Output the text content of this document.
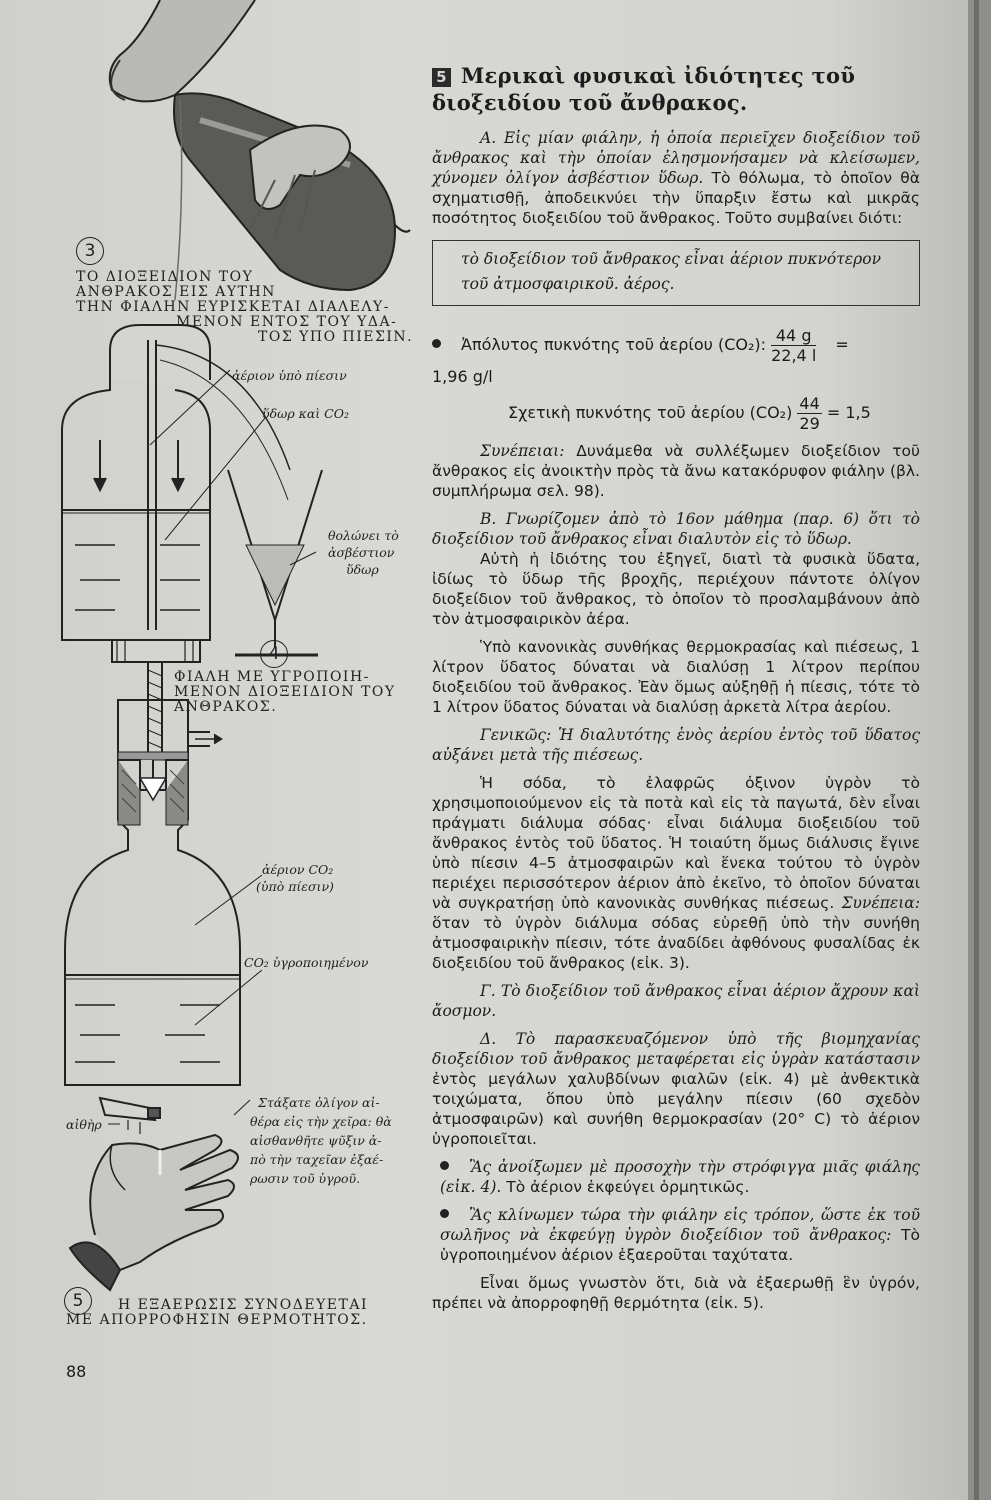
3
ΤΟ ΔΙΟΞΕΙΔΙΟΝ ΤΟΥ
ΑΝΘΡΑΚΟΣ ΕΙΣ ΑΥΤΗΝ
ΤΗΝ ΦΙΑΛΗΝ ΕΥΡΙΣΚΕΤΑΙ ΔΙΑΛΕΛΥ-
ΜΕΝΟΝ ΕΝΤΟΣ ΤΟΥ ΥΔΑ-
ΤΟΣ ΥΠΟ ΠΙΕΣΙΝ.
ἀέριον ὑπὸ πίεσιν
ὕδωρ καὶ CO₂
θολώνει τὸ
ἀσβέστιον
ὕδωρ
4
ΦΙΑΛΗ ΜΕ ΥΓΡΟΠΟΙΗ-
ΜΕΝΟΝ ΔΙΟΞΕΙΔΙΟΝ ΤΟΥ
ΑΝΘΡΑΚΟΣ.
ἀέριον CO₂
(ὑπὸ πίεσιν)
CO₂ ὑγροποιημένον
αἰθὴρ
Στάξατε ὀλίγον αἰ-
θέρα εἰς τὴν χεῖρα: θὰ
αἰσθανθῆτε ψῦξιν ἀ-
πὸ τὴν ταχεῖαν ἐξαέ-
ρωσιν τοῦ ὑγροῦ.
5	Η ΕΞΑΕΡΩΣΙΣ ΣΥΝΟΔΕΥΕΤΑΙ
ΜΕ ΑΠΟΡΡΟΦΗΣΙΝ ΘΕΡΜΟΤΗΤΟΣ.
5 Μερικαὶ φυσικαὶ ἰδιότητες τοῦ διοξειδίου τοῦ ἄνθρακος.

Α. Εἰς μίαν φιάλην, ἡ ὁποία περιεῖχεν διοξείδιον τοῦ ἄνθρακος καὶ τὴν ὁποίαν ἐλησμονήσαμεν νὰ κλείσωμεν, χύνομεν ὀλίγον ἀσβέστιον ὕδωρ. Τὸ θόλωμα, τὸ ὁποῖον θὰ σχηματισθῇ, ἀποδεικνύει τὴν ὕπαρξιν ἔστω καὶ μικρᾶς ποσότητος διοξειδίου τοῦ ἄνθρακος. Τοῦτο συμβαίνει διότι:

τὸ διοξείδιον τοῦ ἄνθρακος εἶναι ἀέριον πυκνότερον τοῦ ἀτμοσφαιρικοῦ. ἀέρος.
Ἀπόλυτος πυκνότης τοῦ ἀερίου (CO₂): $\frac{44 g}{22,4 l}$ =
1,96 g/l
Σχετικὴ πυκνότης τοῦ ἀερίου $(CO_2) \frac{44}{29} = 1,5$

Συνέπειαι: Δυνάμεθα νὰ συλλέξωμεν διοξείδιον τοῦ ἄνθρακος εἰς ἀνοικτὴν πρὸς τὰ ἄνω κατακόρυφον φιάλην (βλ. συμπλήρωμα σελ. 98).

Β. Γνωρίζομεν ἀπὸ τὸ 16ον μάθημα (παρ. 6) ὅτι τὸ διοξείδιον τοῦ ἄνθρακος εἶναι διαλυτὸν εἰς τὸ ὕδωρ.

Αὐτὴ ἡ ἰδιότης του ἐξηγεῖ, διατὶ τὰ φυσικὰ ὕδατα, ἰδίως τὸ ὕδωρ τῆς βροχῆς, περιέχουν πάντοτε ὀλίγον διοξείδιον τοῦ ἄνθρακος, τὸ ὁποῖον τὸ προσλαμβάνουν ἀπὸ τὸν ἀτμοσφαιρικὸν ἀέρα.

Ὑπὸ κανονικὰς συνθήκας θερμοκρασίας καὶ πιέσεως, 1 λίτρον ὕδατος δύναται νὰ διαλύσῃ 1 λίτρον περίπου διοξειδίου τοῦ ἄνθρακος. Ἐὰν ὅμως αὐξηθῇ ἡ πίεσις, τότε τὸ 1 λίτρον ὕδατος δύναται νὰ διαλύσῃ ἀρκετὰ λίτρα ἀερίου.

Γενικῶς: Ἡ διαλυτότης ἑνὸς ἀερίου ἐντὸς τοῦ ὕδατος αὐξάνει μετὰ τῆς πιέσεως.

Ἡ σόδα, τὸ ἐλαφρῶς ὀξινον ὑγρὸν τὸ χρησιμοποιούμενον εἰς τὰ ποτὰ καὶ εἰς τὰ παγωτά, δὲν εἶναι πράγματι διάλυμα σόδας· εἶναι διάλυμα διοξειδίου τοῦ ἄνθρακος ἐντὸς τοῦ ὕδατος. Ἡ τοιαύτη ὅμως διάλυσις ἔγινε ὑπὸ πίεσιν 4–5 ἀτμοσφαιρῶν καὶ ἕνεκα τούτου τὸ ὑγρὸν περιέχει περισσότερον ἀέριον ἀπὸ ἐκεῖνο, τὸ ὁποῖον δύναται νὰ συγκρατήσῃ ὑπὸ κανονικὰς συνθήκας πιέσεως. Συνέπεια: ὅταν τὸ ὑγρὸν διάλυμα σόδας εὑρεθῇ ὑπὸ τὴν συνήθη ἀτμοσφαιρικὴν πίεσιν, τότε ἀναδίδει ἀφθόνους φυσαλίδας ἐκ διοξειδίου τοῦ ἄνθρακος (εἰκ. 3).

Γ. Τὸ διοξείδιον τοῦ ἄνθρακος εἶναι ἀέριον ἄχρουν καὶ ἄοσμον.

Δ. Τὸ παρασκευαζόμενον ὑπὸ τῆς βιομηχανίας διοξείδιον τοῦ ἄνθρακος μεταφέρεται εἰς ὑγρὰν κατάστασιν ἐντὸς μεγάλων χαλυβδίνων φιαλῶν (εἰκ. 4) μὲ ἀνθεκτικὰ τοιχώματα, ὅπου ὑπὸ μεγάλην πίεσιν (60 σχεδὸν ἀτμοσφαιρῶν) καὶ συνήθη θερμοκρασίαν (20° C) τὸ ἀέριον ὑγροποιεῖται.

Ἂς ἀνοίξωμεν μὲ προσοχὴν τὴν στρόφιγγα μιᾶς φιάλης (εἰκ. 4). Τὸ ἀέριον ἐκφεύγει ὁρμητικῶς.

Ἂς κλίνωμεν τώρα τὴν φιάλην εἰς τρόπον, ὥστε ἐκ τοῦ σωλῆνος νὰ ἐκφεύγῃ ὑγρὸν διοξείδιον τοῦ ἄνθρακος: Τὸ ὑγροποιημένον ἀέριον ἐξαεροῦται ταχύτατα.

Εἶναι ὅμως γνωστὸν ὅτι, διὰ νὰ ἐξαερωθῇ ἓν ὑγρόν, πρέπει νὰ ἀπορροφηθῇ θερμότητα (εἰκ. 5).

88
